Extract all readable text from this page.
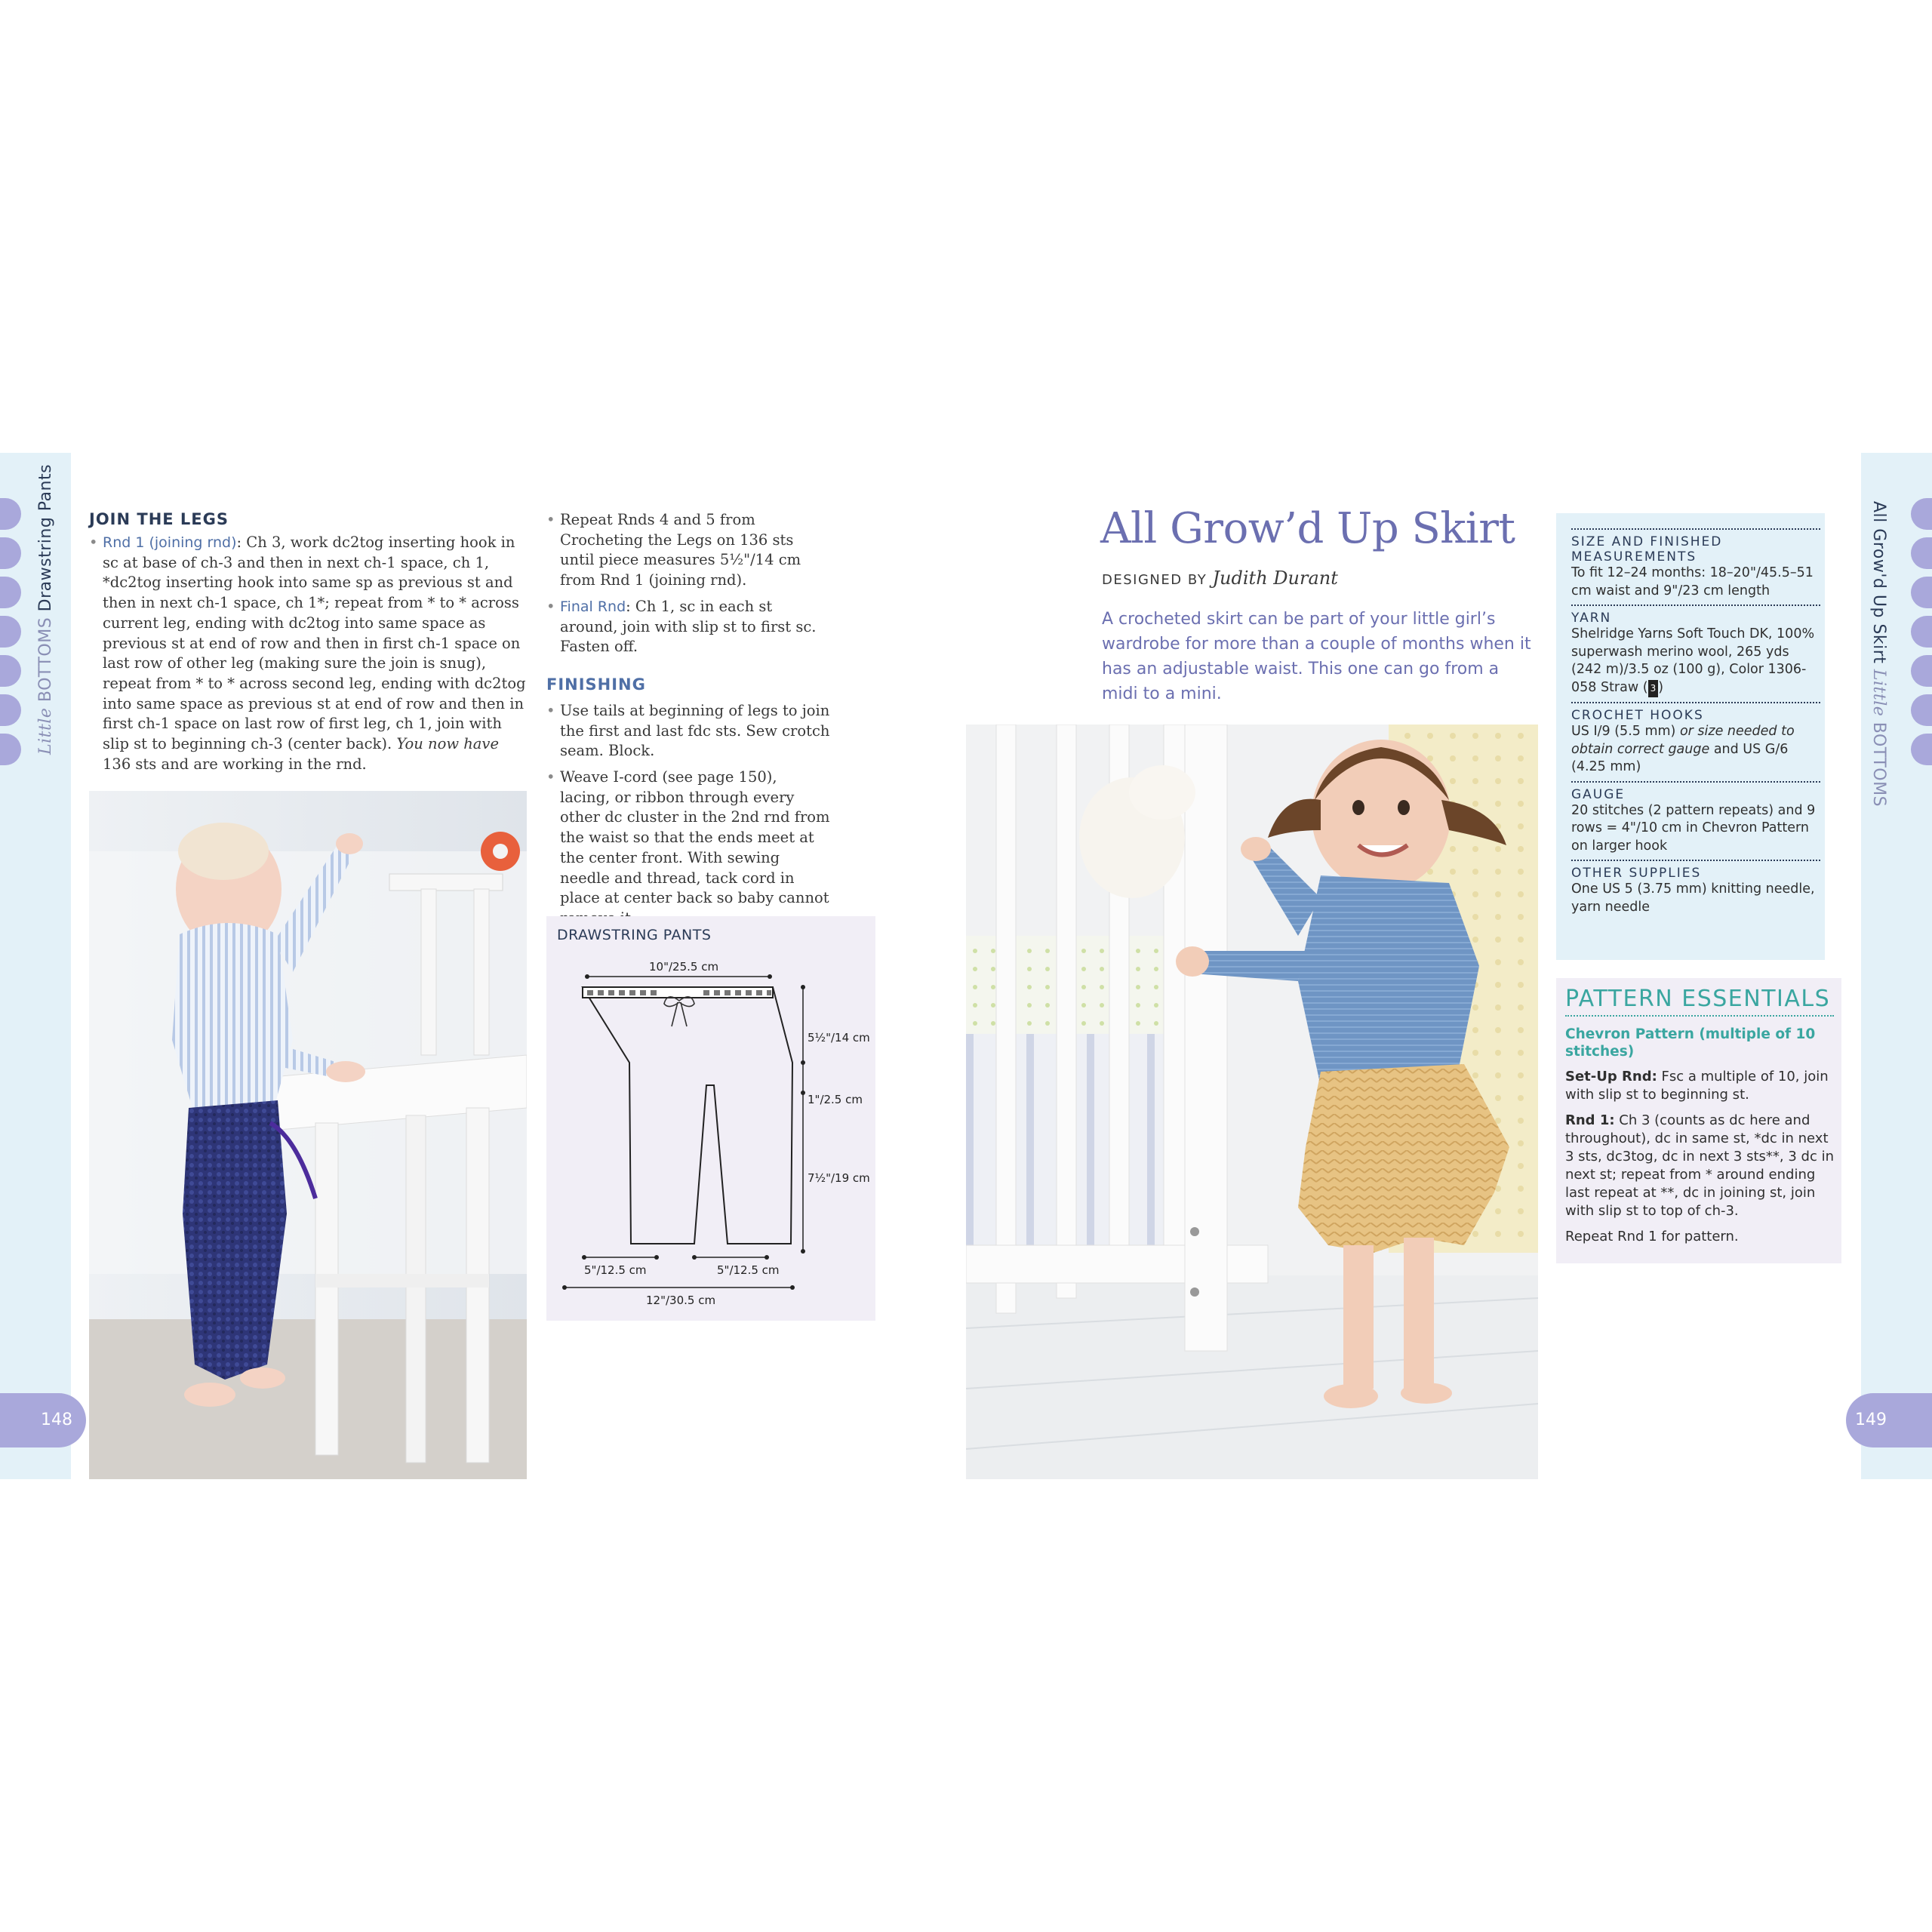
Little BOTTOMS Drawstring Pants
148
JOIN THE LEGS
• Rnd 1 (joining rnd): Ch 3, work dc2tog inserting hook in sc at base of ch-3 and then in next ch-1 space, ch 1, *dc2tog inserting hook into same sp as previous st and then in next ch-1 space, ch 1*; repeat from * to * across current leg, ending with dc2tog into same space as previous st at end of row and then in first ch-1 space on last row of other leg (making sure the join is snug), repeat from * to * across second leg, ending with dc2tog into same space as previous st at end of row and then in first ch-1 space on last row of first leg, ch 1, join with slip st to beginning ch-3 (center back). You now have 136 sts and are working in the rnd.
• Repeat Rnds 4 and 5 from Crocheting the Legs on 136 sts until piece measures 5½"/14 cm from Rnd 1 (joining rnd).
• Final Rnd: Ch 1, sc in each st around, join with slip st to first sc. Fasten off.
FINISHING
• Use tails at beginning of legs to join the first and last fdc sts. Sew crotch seam. Block.
• Weave I-cord (see page 150), lacing, or ribbon through every other dc cluster in the 2nd rnd from the waist so that the ends meet at the center front. With sewing needle and thread, tack cord in place at center back so baby cannot
DRAWSTRING PANTS
10"/25.5 cm
5½"/14 cm
1"/2.5 cm
7½"/19 cm
5"/12.5 cm	5"/12.5 cm
12"/30.5 cm
All Grow'd Up Skirt Little BOTTOMS
149
All Grow’d Up Skirt
DESIGNED BY Judith Durant
A crocheted skirt can be part of your little girl’s wardrobe for more than a couple of months when it has an adjustable waist. This one can go from a midi to a mini.
SIZE AND FINISHED MEASUREMENTS
To fit 12–24 months: 18–20"/45.5–51 cm waist and 9"/23 cm length
YARN
Shelridge Yarns Soft Touch DK, 100% superwash merino wool, 265 yds (242 m)/3.5 oz (100 g), Color 1306-058 Straw ( 3 )
CROCHET HOOKS
US I/9 (5.5 mm) or size needed to obtain correct gauge and US G/6 (4.25 mm)
GAUGE
20 stitches (2 pattern repeats) and 9 rows = 4"/10 cm in Chevron Pattern on larger hook
OTHER SUPPLIES
One US 5 (3.75 mm) knitting needle, yarn needle
PATTERN ESSENTIALS
Chevron Pattern (multiple of 10 stitches)
Set-Up Rnd: Fsc a multiple of 10, join with slip st to beginning st.
Rnd 1: Ch 3 (counts as dc here and throughout), dc in same st, *dc in next 3 sts, dc3tog, dc in next 3 sts**, 3 dc in next st; repeat from * around ending last repeat at **, dc in joining st, join with slip st to top of ch-3.
Repeat Rnd 1 for pattern.
